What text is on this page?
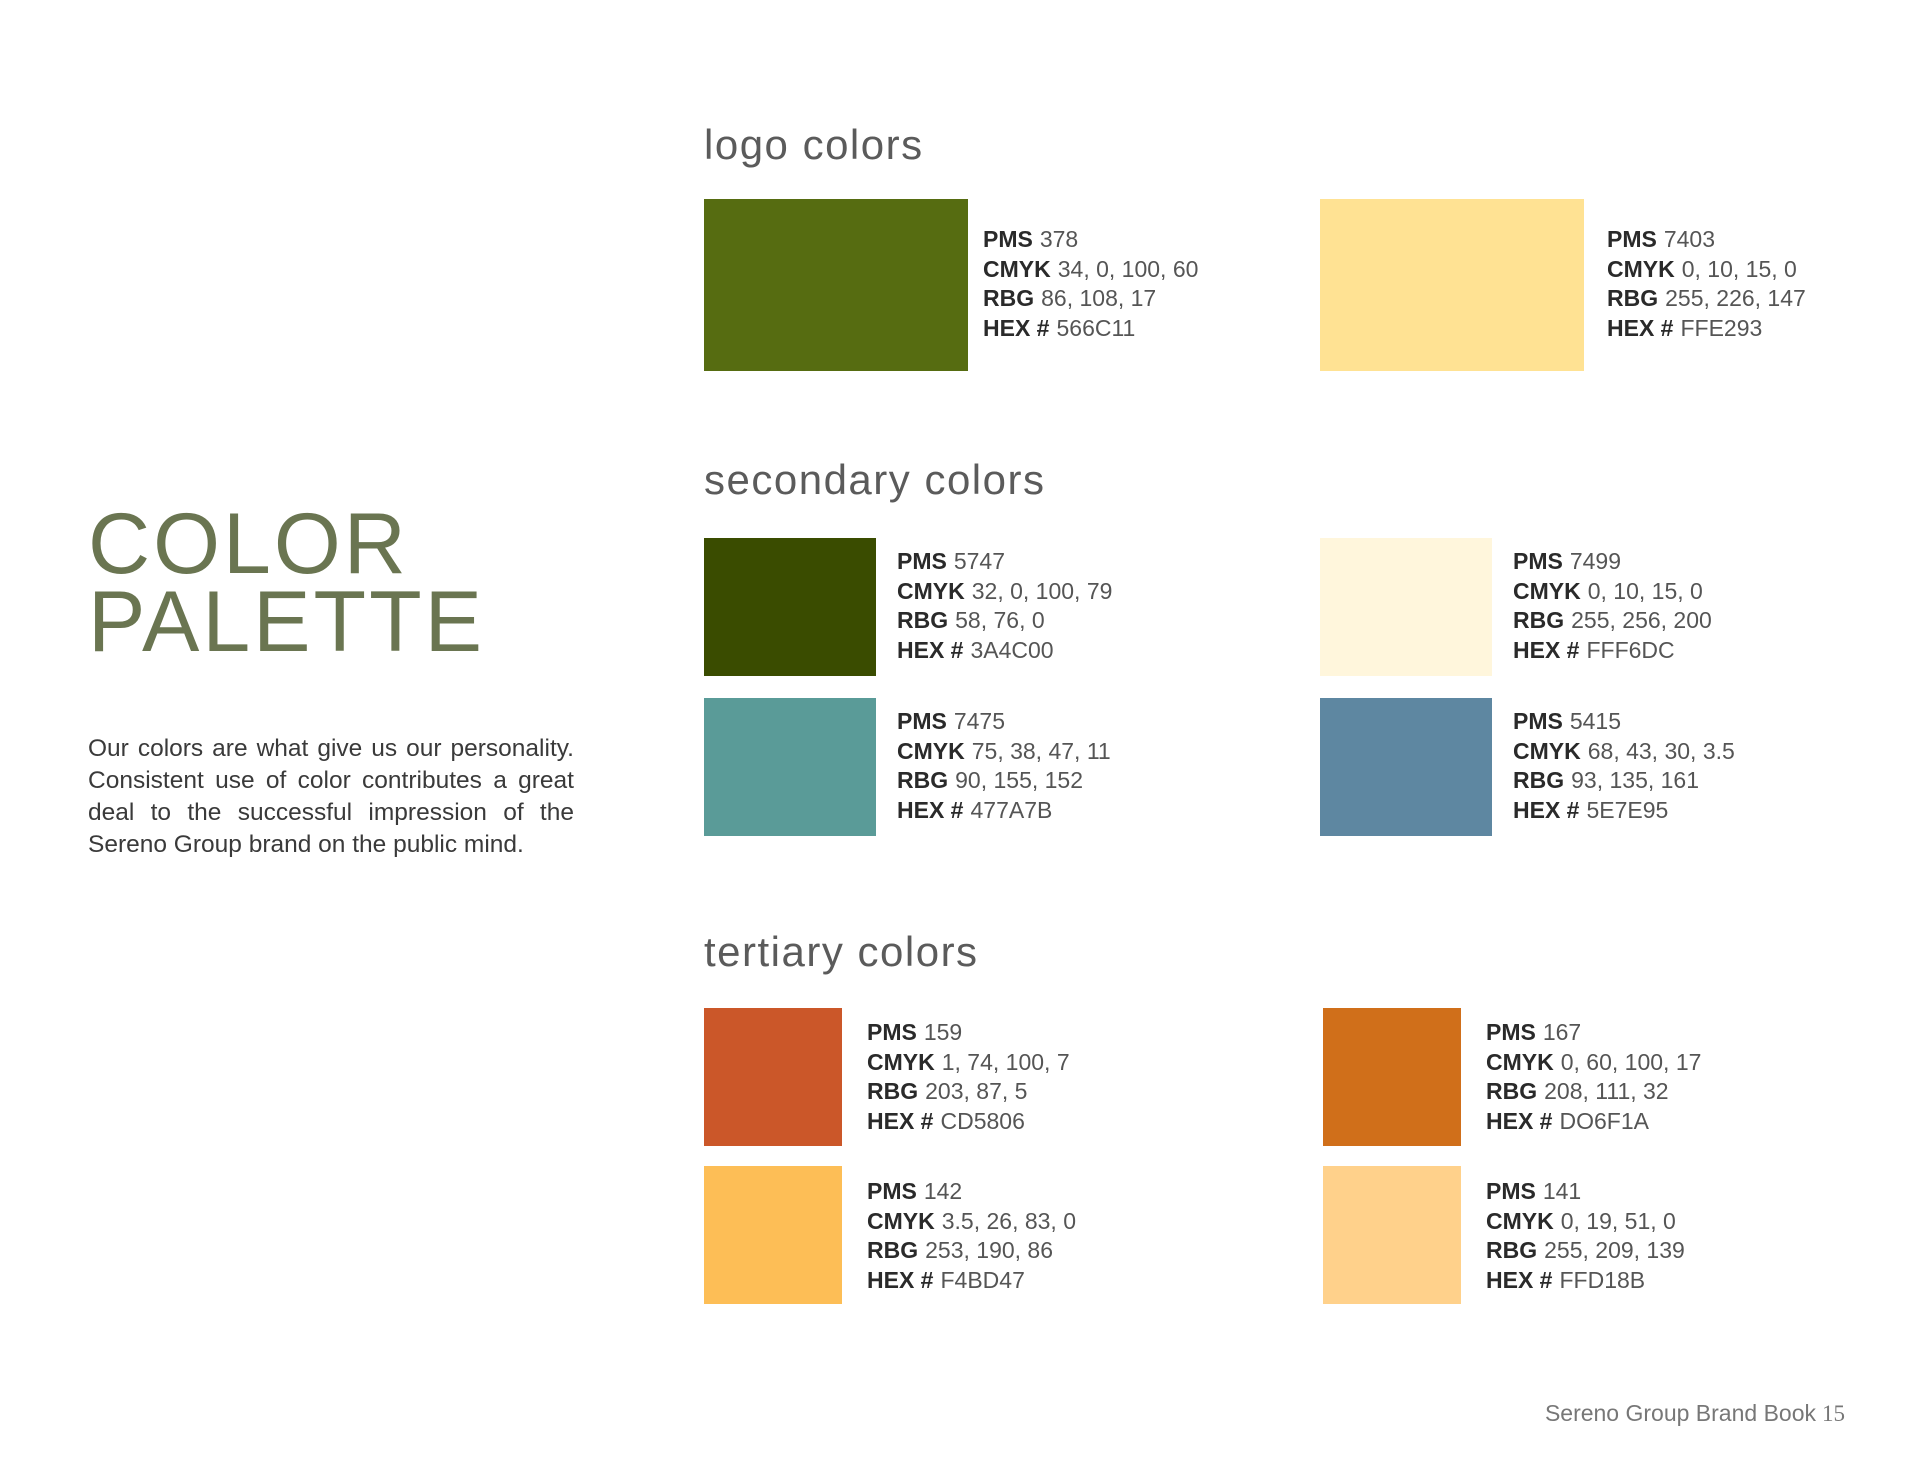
COLOR
PALETTE

Our colors are what give us our personality. Consistent use of color contributes a great deal to the successful impression of the Sereno Group brand on the public mind.

logo colors
secondary colors
tertiary colors
PMS 378
CMYK 34, 0, 100, 60
RBG 86, 108, 17
HEX # 566C11
PMS 7403
CMYK 0, 10, 15, 0
RBG 255, 226, 147
HEX # FFE293
PMS 5747
CMYK 32, 0, 100, 79
RBG 58, 76, 0
HEX # 3A4C00
PMS 7499
CMYK 0, 10, 15, 0
RBG 255, 256, 200
HEX # FFF6DC
PMS 7475
CMYK 75, 38, 47, 11
RBG 90, 155, 152
HEX # 477A7B
PMS 5415
CMYK 68, 43, 30, 3.5
RBG 93, 135, 161
HEX # 5E7E95
PMS 159
CMYK 1, 74, 100, 7
RBG 203, 87, 5
HEX # CD5806
PMS 167
CMYK 0, 60, 100, 17
RBG 208, 111, 32
HEX # DO6F1A
PMS 142
CMYK 3.5, 26, 83, 0
RBG 253, 190, 86
HEX # F4BD47
PMS 141
CMYK 0, 19, 51, 0
RBG 255, 209, 139
HEX # FFD18B
Sereno Group Brand Book 15
